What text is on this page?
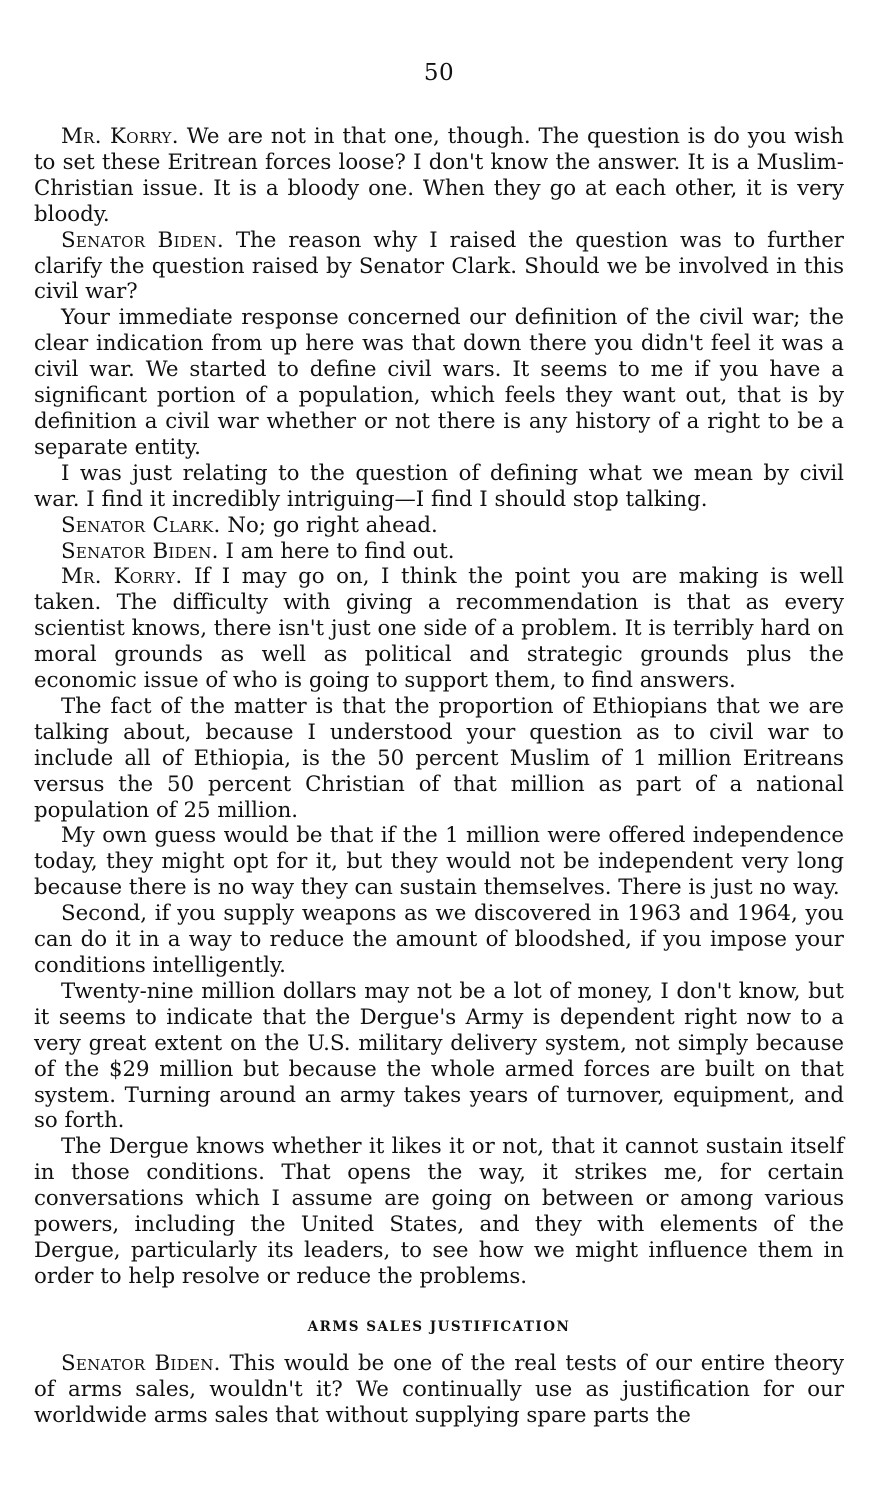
50

Mr. Korry. We are not in that one, though. The question is do you wish to set these Eritrean forces loose? I don't know the answer. It is a Muslim-Christian issue. It is a bloody one. When they go at each other, it is very bloody.

Senator Biden. The reason why I raised the question was to further clarify the question raised by Senator Clark. Should we be involved in this civil war?

Your immediate response concerned our definition of the civil war; the clear indication from up here was that down there you didn't feel it was a civil war. We started to define civil wars. It seems to me if you have a significant portion of a population, which feels they want out, that is by definition a civil war whether or not there is any history of a right to be a separate entity.

I was just relating to the question of defining what we mean by civil war. I find it incredibly intriguing—I find I should stop talking.

Senator Clark. No; go right ahead.

Senator Biden. I am here to find out.

Mr. Korry. If I may go on, I think the point you are making is well taken. The difficulty with giving a recommendation is that as every scientist knows, there isn't just one side of a problem. It is terribly hard on moral grounds as well as political and strategic grounds plus the economic issue of who is going to support them, to find answers.

The fact of the matter is that the proportion of Ethiopians that we are talking about, because I understood your question as to civil war to include all of Ethiopia, is the 50 percent Muslim of 1 million Eritreans versus the 50 percent Christian of that million as part of a national population of 25 million.

My own guess would be that if the 1 million were offered independence today, they might opt for it, but they would not be independent very long because there is no way they can sustain themselves. There is just no way.

Second, if you supply weapons as we discovered in 1963 and 1964, you can do it in a way to reduce the amount of bloodshed, if you impose your conditions intelligently.

Twenty-nine million dollars may not be a lot of money, I don't know, but it seems to indicate that the Dergue's Army is dependent right now to a very great extent on the U.S. military delivery system, not simply because of the $29 million but because the whole armed forces are built on that system. Turning around an army takes years of turnover, equipment, and so forth.

The Dergue knows whether it likes it or not, that it cannot sustain itself in those conditions. That opens the way, it strikes me, for certain conversations which I assume are going on between or among various powers, including the United States, and they with elements of the Dergue, particularly its leaders, to see how we might influence them in order to help resolve or reduce the problems.

ARMS SALES JUSTIFICATION

Senator Biden. This would be one of the real tests of our entire theory of arms sales, wouldn't it? We continually use as justification for our worldwide arms sales that without supplying spare parts the
